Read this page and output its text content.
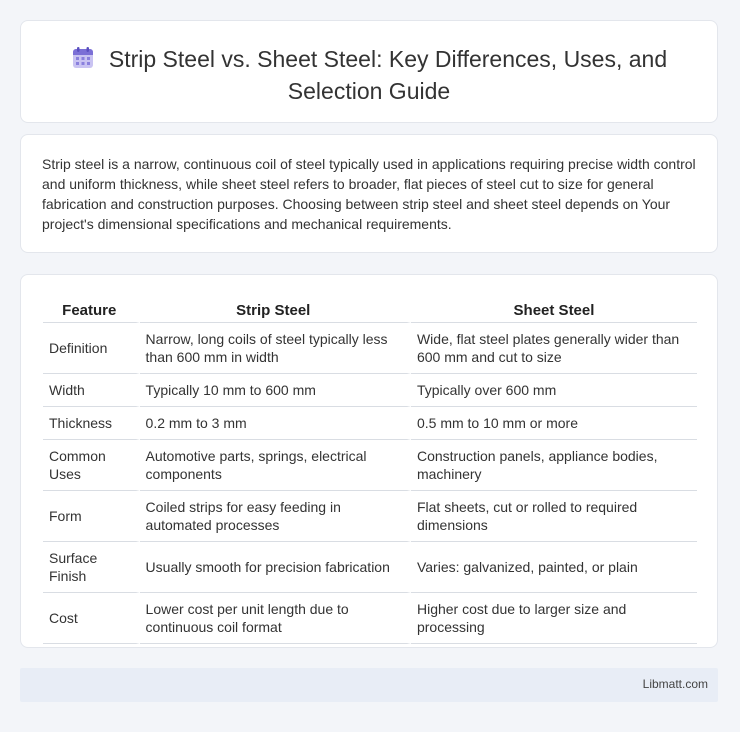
Strip Steel vs. Sheet Steel: Key Differences, Uses, and Selection Guide
Strip steel is a narrow, continuous coil of steel typically used in applications requiring precise width control and uniform thickness, while sheet steel refers to broader, flat pieces of steel cut to size for general fabrication and construction purposes. Choosing between strip steel and sheet steel depends on Your project's dimensional specifications and mechanical requirements.
Feature	Strip Steel	Sheet Steel
Definition	Narrow, long coils of steel typically less than 600 mm in width	Wide, flat steel plates generally wider than 600 mm and cut to size
Width	Typically 10 mm to 600 mm	Typically over 600 mm
Thickness	0.2 mm to 3 mm	0.5 mm to 10 mm or more
Common Uses	Automotive parts, springs, electrical components	Construction panels, appliance bodies, machinery
Form	Coiled strips for easy feeding in automated processes	Flat sheets, cut or rolled to required dimensions
Surface Finish	Usually smooth for precision fabrication	Varies: galvanized, painted, or plain
Cost	Lower cost per unit length due to continuous coil format	Higher cost due to larger size and processing
Libmatt.com
